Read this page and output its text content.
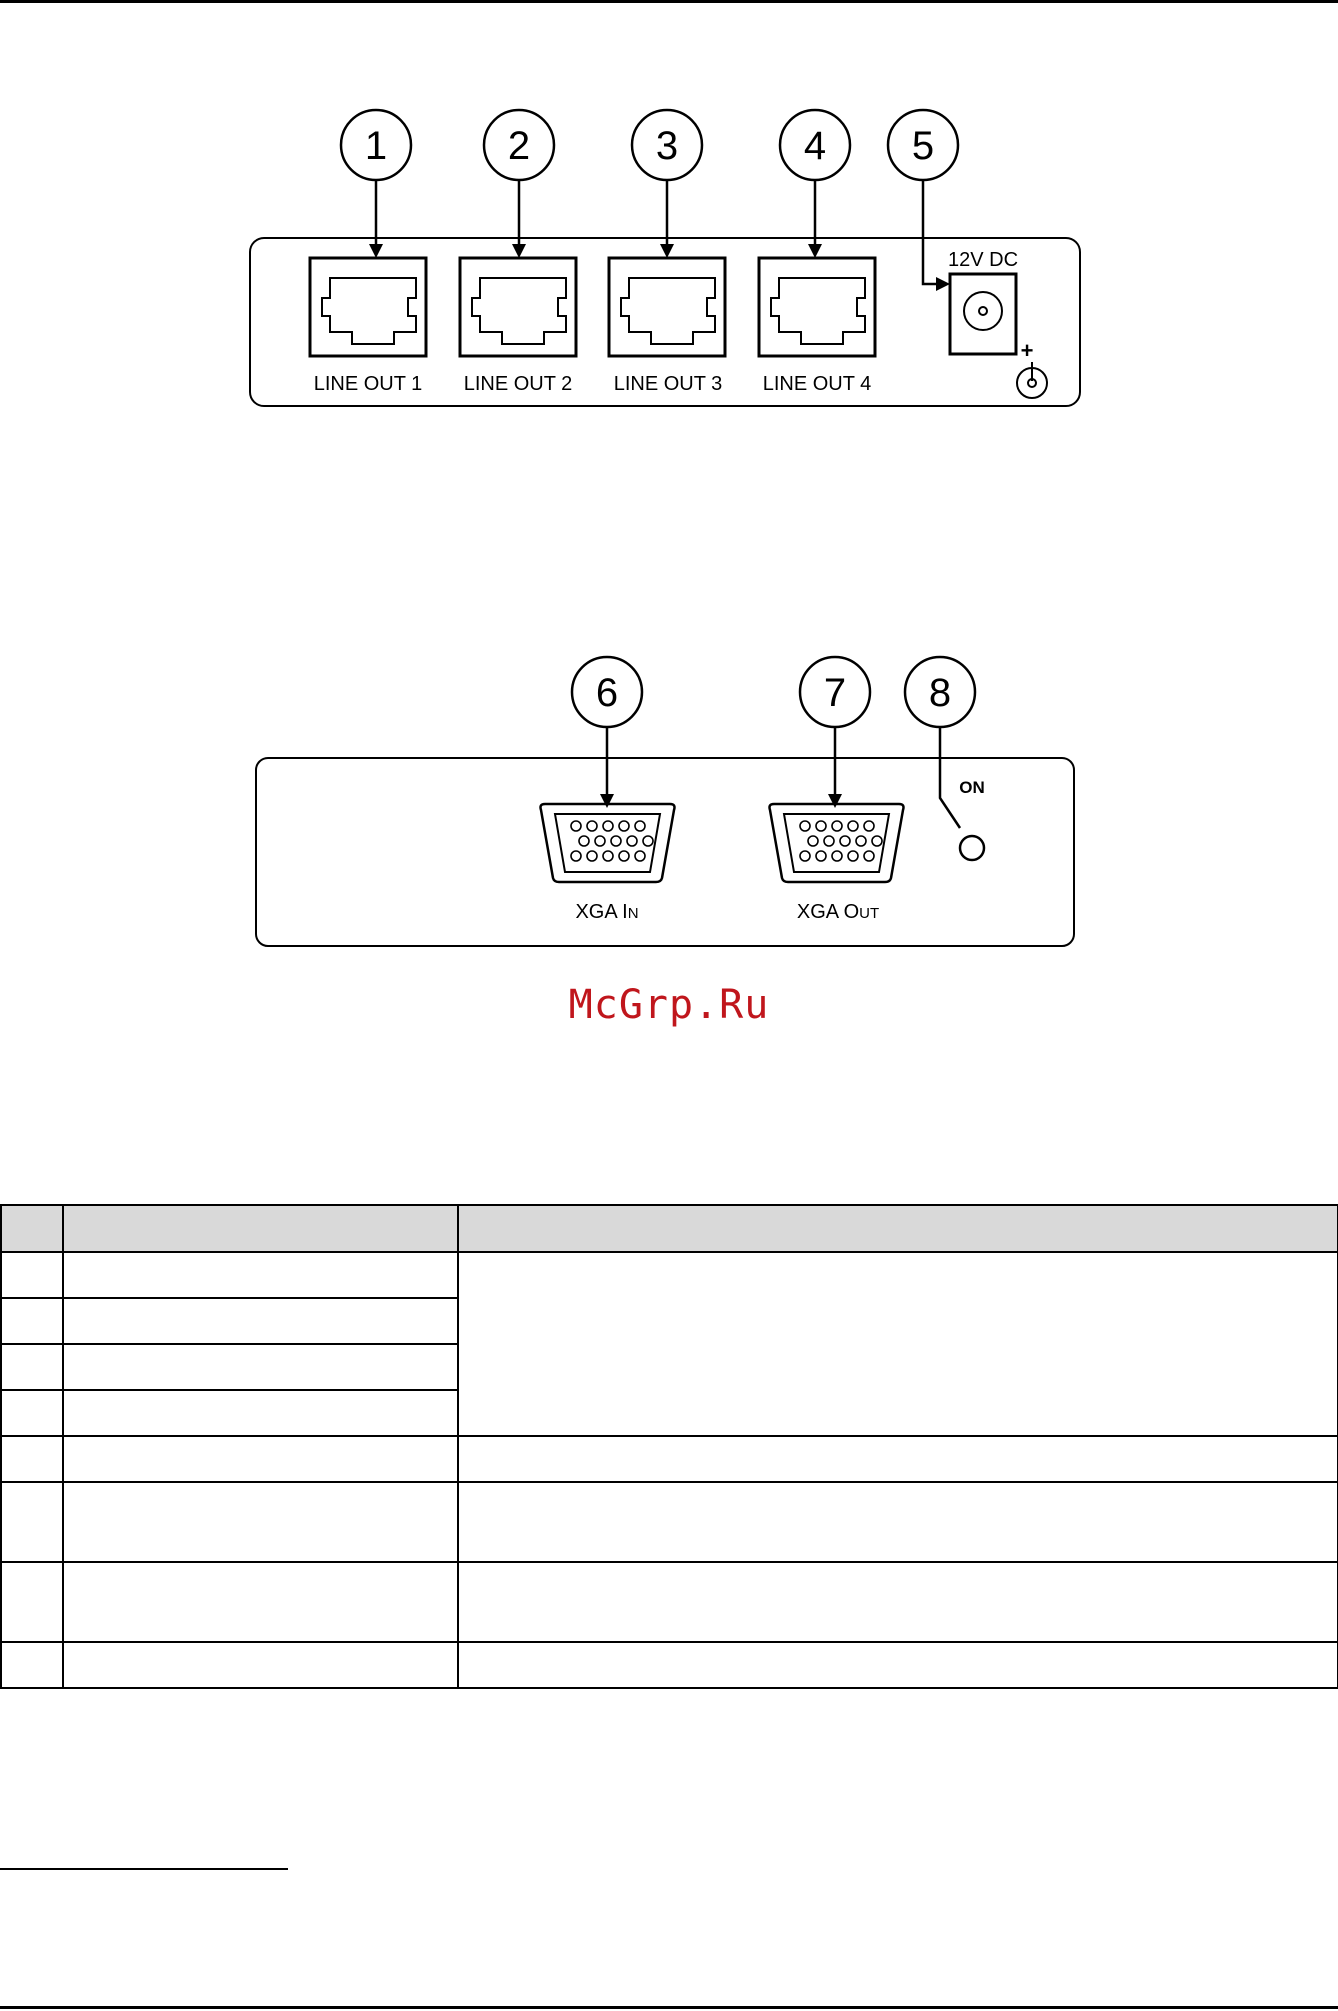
1	2	3	4 5
LINE OUT 1 LINE OUT 2 LINE OUT 3 LINE OUT 4
12V DC
+
6	7 8
XGA IN	XGA OUT
ON
McGrp.Ru
